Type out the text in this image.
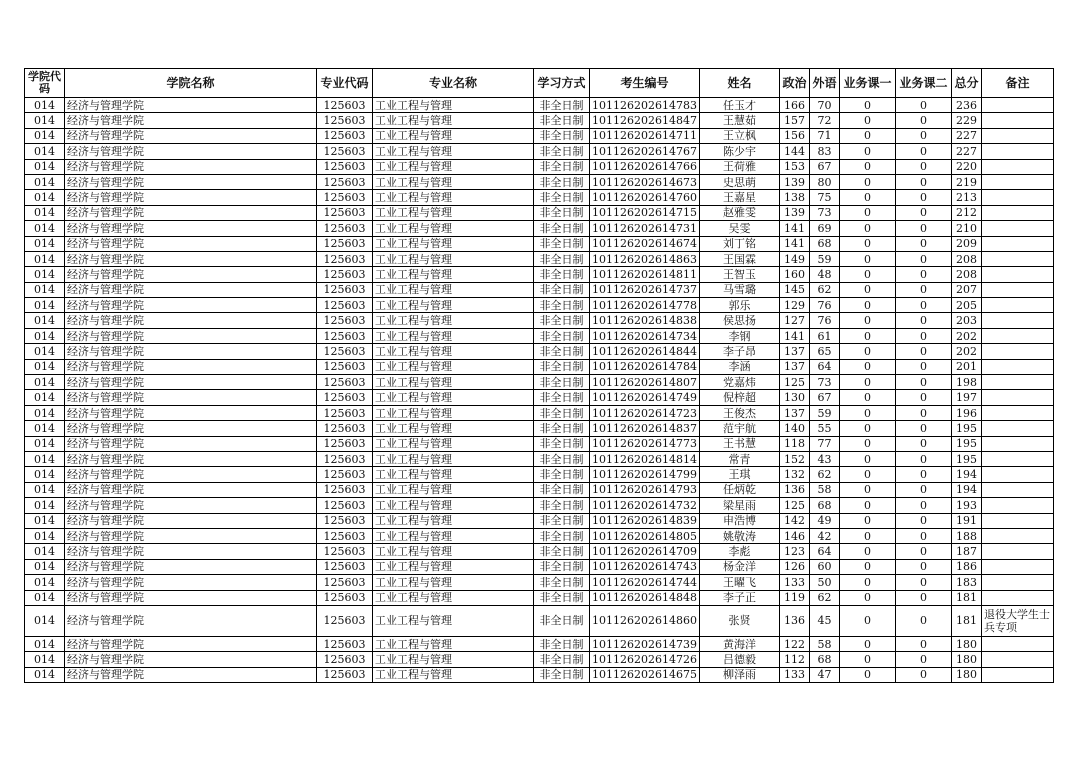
学院代码	学院名称	专业代码	专业名称	学习方式	考生编号	姓名	政治	外语	业务课一	业务课二	总分	备注
014	经济与管理学院	125603	工业工程与管理	非全日制	101126202614783	任玉才	166	70	0	0	236	
014	经济与管理学院	125603	工业工程与管理	非全日制	101126202614847	王慧茹	157	72	0	0	229	
014	经济与管理学院	125603	工业工程与管理	非全日制	101126202614711	王立枫	156	71	0	0	227	
014	经济与管理学院	125603	工业工程与管理	非全日制	101126202614767	陈少宇	144	83	0	0	227	
014	经济与管理学院	125603	工业工程与管理	非全日制	101126202614766	王荷雅	153	67	0	0	220	
014	经济与管理学院	125603	工业工程与管理	非全日制	101126202614673	史思萌	139	80	0	0	219	
014	经济与管理学院	125603	工业工程与管理	非全日制	101126202614760	王嘉星	138	75	0	0	213	
014	经济与管理学院	125603	工业工程与管理	非全日制	101126202614715	赵雅雯	139	73	0	0	212	
014	经济与管理学院	125603	工业工程与管理	非全日制	101126202614731	吴雯	141	69	0	0	210	
014	经济与管理学院	125603	工业工程与管理	非全日制	101126202614674	刘丁铭	141	68	0	0	209	
014	经济与管理学院	125603	工业工程与管理	非全日制	101126202614863	王国霖	149	59	0	0	208	
014	经济与管理学院	125603	工业工程与管理	非全日制	101126202614811	王智玉	160	48	0	0	208	
014	经济与管理学院	125603	工业工程与管理	非全日制	101126202614737	马雪璐	145	62	0	0	207	
014	经济与管理学院	125603	工业工程与管理	非全日制	101126202614778	郭乐	129	76	0	0	205	
014	经济与管理学院	125603	工业工程与管理	非全日制	101126202614838	侯思扬	127	76	0	0	203	
014	经济与管理学院	125603	工业工程与管理	非全日制	101126202614734	李钢	141	61	0	0	202	
014	经济与管理学院	125603	工业工程与管理	非全日制	101126202614844	李子昂	137	65	0	0	202	
014	经济与管理学院	125603	工业工程与管理	非全日制	101126202614784	李涵	137	64	0	0	201	
014	经济与管理学院	125603	工业工程与管理	非全日制	101126202614807	党嘉炜	125	73	0	0	198	
014	经济与管理学院	125603	工业工程与管理	非全日制	101126202614749	倪梓超	130	67	0	0	197	
014	经济与管理学院	125603	工业工程与管理	非全日制	101126202614723	王俊杰	137	59	0	0	196	
014	经济与管理学院	125603	工业工程与管理	非全日制	101126202614837	范宇航	140	55	0	0	195	
014	经济与管理学院	125603	工业工程与管理	非全日制	101126202614773	王书慧	118	77	0	0	195	
014	经济与管理学院	125603	工业工程与管理	非全日制	101126202614814	常青	152	43	0	0	195	
014	经济与管理学院	125603	工业工程与管理	非全日制	101126202614799	王琪	132	62	0	0	194	
014	经济与管理学院	125603	工业工程与管理	非全日制	101126202614793	任炳乾	136	58	0	0	194	
014	经济与管理学院	125603	工业工程与管理	非全日制	101126202614732	梁星雨	125	68	0	0	193	
014	经济与管理学院	125603	工业工程与管理	非全日制	101126202614839	申浩博	142	49	0	0	191	
014	经济与管理学院	125603	工业工程与管理	非全日制	101126202614805	姚敬涛	146	42	0	0	188	
014	经济与管理学院	125603	工业工程与管理	非全日制	101126202614709	李彪	123	64	0	0	187	
014	经济与管理学院	125603	工业工程与管理	非全日制	101126202614743	杨金洋	126	60	0	0	186	
014	经济与管理学院	125603	工业工程与管理	非全日制	101126202614744	王曜飞	133	50	0	0	183	
014	经济与管理学院	125603	工业工程与管理	非全日制	101126202614848	李子正	119	62	0	0	181	
014	经济与管理学院	125603	工业工程与管理	非全日制	101126202614860	张贤	136	45	0	0	181	退役大学生士兵专项
014	经济与管理学院	125603	工业工程与管理	非全日制	101126202614739	黄海洋	122	58	0	0	180	
014	经济与管理学院	125603	工业工程与管理	非全日制	101126202614726	吕德毅	112	68	0	0	180	
014	经济与管理学院	125603	工业工程与管理	非全日制	101126202614675	柳泽雨	133	47	0	0	180	
